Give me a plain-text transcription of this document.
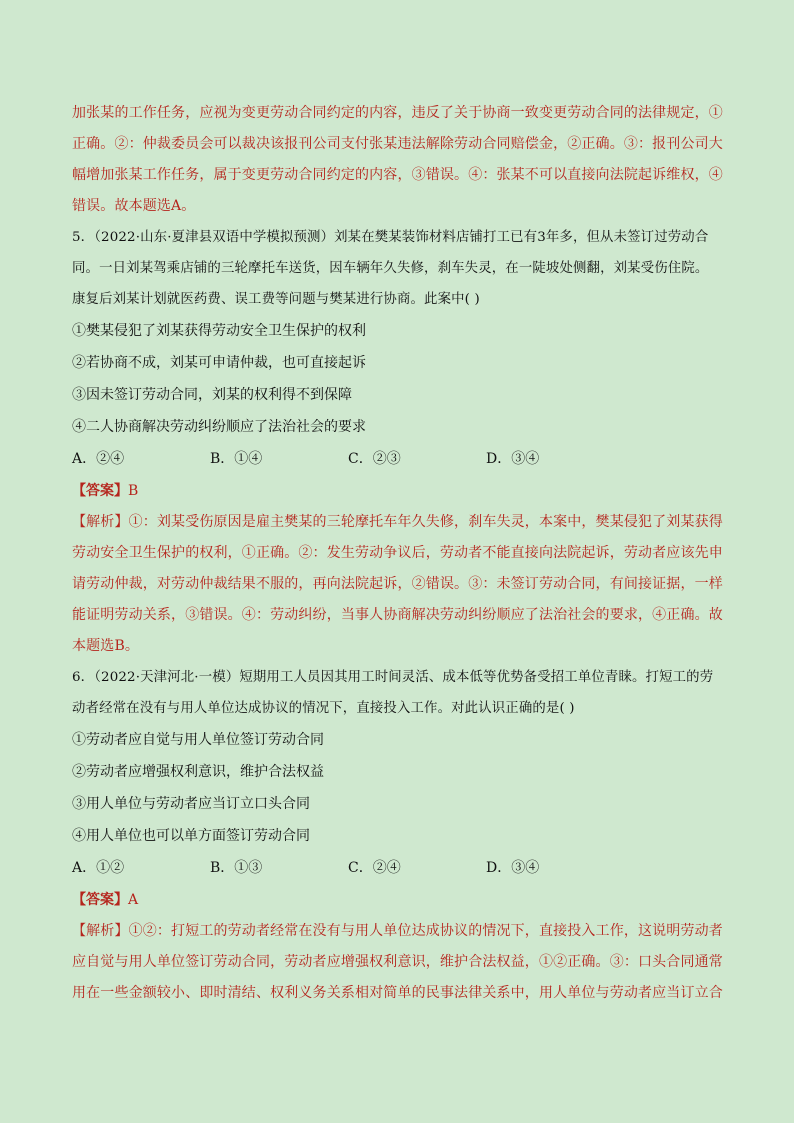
加张某的工作任务，应视为变更劳动合同约定的内容，违反了关于协商一致变更劳动合同的法律规定，①
正确。②：仲裁委员会可以裁决该报刊公司支付张某违法解除劳动合同赔偿金，②正确。③：报刊公司大
幅增加张某工作任务，属于变更劳动合同约定的内容，③错误。④：张某不可以直接向法院起诉维权，④
错误。故本题选A。

5．（2022·山东·夏津县双语中学模拟预测）刘某在樊某装饰材料店铺打工已有3年多，但从未签订过劳动合
同。一日刘某驾乘店铺的三轮摩托车送货，因车辆年久失修，刹车失灵，在一陡坡处侧翻，刘某受伤住院。
康复后刘某计划就医药费、误工费等问题与樊某进行协商。此案中( )

①樊某侵犯了刘某获得劳动安全卫生保护的权利

②若协商不成，刘某可申请仲裁，也可直接起诉

③因未签订劳动合同，刘某的权利得不到保障

④二人协商解决劳动纠纷顺应了法治社会的要求

A．②④	B．①④	C．②③	D．③④

【答案】B

【解析】①：刘某受伤原因是雇主樊某的三轮摩托车年久失修，刹车失灵，本案中，樊某侵犯了刘某获得
劳动安全卫生保护的权利，①正确。②：发生劳动争议后，劳动者不能直接向法院起诉，劳动者应该先申
请劳动仲裁，对劳动仲裁结果不服的，再向法院起诉，②错误。③：未签订劳动合同，有间接证据，一样
能证明劳动关系，③错误。④：劳动纠纷，当事人协商解决劳动纠纷顺应了法治社会的要求，④正确。故
本题选B。

6．（2022·天津河北·一模）短期用工人员因其用工时间灵活、成本低等优势备受招工单位青睐。打短工的劳
动者经常在没有与用人单位达成协议的情况下，直接投入工作。对此认识正确的是( )

①劳动者应自觉与用人单位签订劳动合同

②劳动者应增强权利意识，维护合法权益

③用人单位与劳动者应当订立口头合同

④用人单位也可以单方面签订劳动合同

A．①②	B．①③	C．②④	D．③④

【答案】A

【解析】①②：打短工的劳动者经常在没有与用人单位达成协议的情况下，直接投入工作，这说明劳动者
应自觉与用人单位签订劳动合同，劳动者应增强权利意识，维护合法权益，①②正确。③：口头合同通常
用在一些金额较小、即时清结、权利义务关系相对简单的民事法律关系中，用人单位与劳动者应当订立合
